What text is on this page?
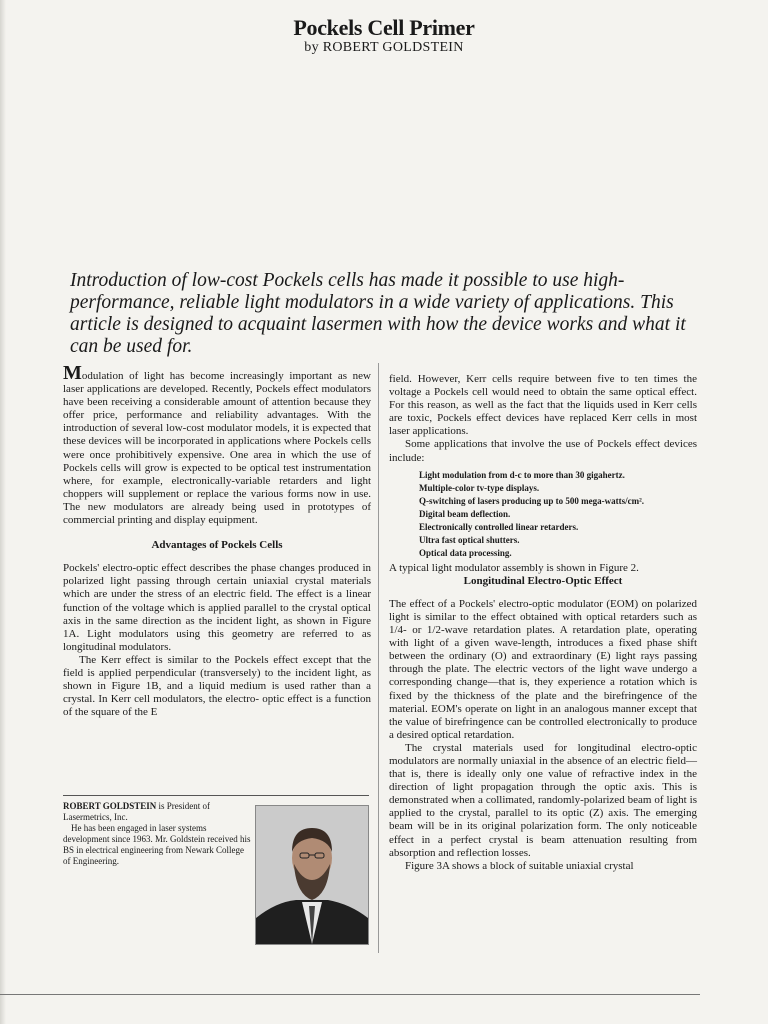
Pockels Cell Primer
by ROBERT GOLDSTEIN
Introduction of low-cost Pockels cells has made it possible to use high-performance, reliable light modulators in a wide variety of applications. This article is designed to acquaint lasermen with how the device works and what it can be used for.

Modulation of light has become increasingly important as new laser applications are developed. Recently, Pockels effect modulators have been receiving a considerable amount of attention because they offer price, performance and reliability advantages. With the introduction of several low-cost modulator models, it is expected that these devices will be incorporated in applications where Pockels cells were once prohibitively expensive. One area in which the use of Pockels cells will grow is expected to be optical test instrumentation where, for example, electronically-variable retarders and light choppers will supplement or replace the various forms now in use. The new modulators are already being used in prototypes of commercial printing and display equipment.

Advantages of Pockels Cells

Pockels' electro-optic effect describes the phase changes produced in polarized light passing through certain uniaxial crystal materials which are under the stress of an electric field. The effect is a linear function of the voltage which is applied parallel to the crystal optical axis in the same direction as the incident light, as shown in Figure 1A. Light modulators using this geometry are referred to as longitudinal modulators.

The Kerr effect is similar to the Pockels effect except that the field is applied perpendicular (transversely) to the incident light, as shown in Figure 1B, and a liquid medium is used rather than a crystal. In Kerr cell modulators, the electro- optic effect is a function of the square of the E

ROBERT GOLDSTEIN is President of Lasermetrics, Inc.
He has been engaged in laser systems development since 1963. Mr. Goldstein received his BS in electrical engineering from Newark College of Engineering.

field. However, Kerr cells require between five to ten times the voltage a Pockels cell would need to obtain the same optical effect. For this reason, as well as the fact that the liquids used in Kerr cells are toxic, Pockels effect devices have replaced Kerr cells in most laser applications.

Some applications that involve the use of Pockels effect devices include:

Light modulation from d-c to more than 30 gigahertz.
Multiple-color tv-type displays.
Q-switching of lasers producing up to 500 mega-watts/cm².
Digital beam deflection.
Electronically controlled linear retarders.
Ultra fast optical shutters.
Optical data processing.

A typical light modulator assembly is shown in Figure 2.

Longitudinal Electro-Optic Effect

The effect of a Pockels' electro-optic modulator (EOM) on polarized light is similar to the effect obtained with optical retarders such as 1/4- or 1/2-wave retardation plates. A retardation plate, operating with light of a given wave-length, introduces a fixed phase shift between the ordinary (O) and extraordinary (E) light rays passing through the plate. The electric vectors of the light wave undergo a corresponding change—that is, they experience a rotation which is fixed by the thickness of the plate and the birefringence of the material. EOM's operate on light in an analogous manner except that the value of birefringence can be controlled electronically to produce a desired optical retardation.

The crystal materials used for longitudinal electro-optic modulators are normally uniaxial in the absence of an electric field—that is, there is ideally only one value of refractive index in the direction of light propagation through the optic axis. This is demonstrated when a collimated, randomly-polarized beam of light is applied to the crystal, parallel to its optic (Z) axis. The emerging beam will be in its original polarization form. The only noticeable effect in a perfect crystal is beam attenuation resulting from absorption and reflection losses.

Figure 3A shows a block of suitable uniaxial crystal
